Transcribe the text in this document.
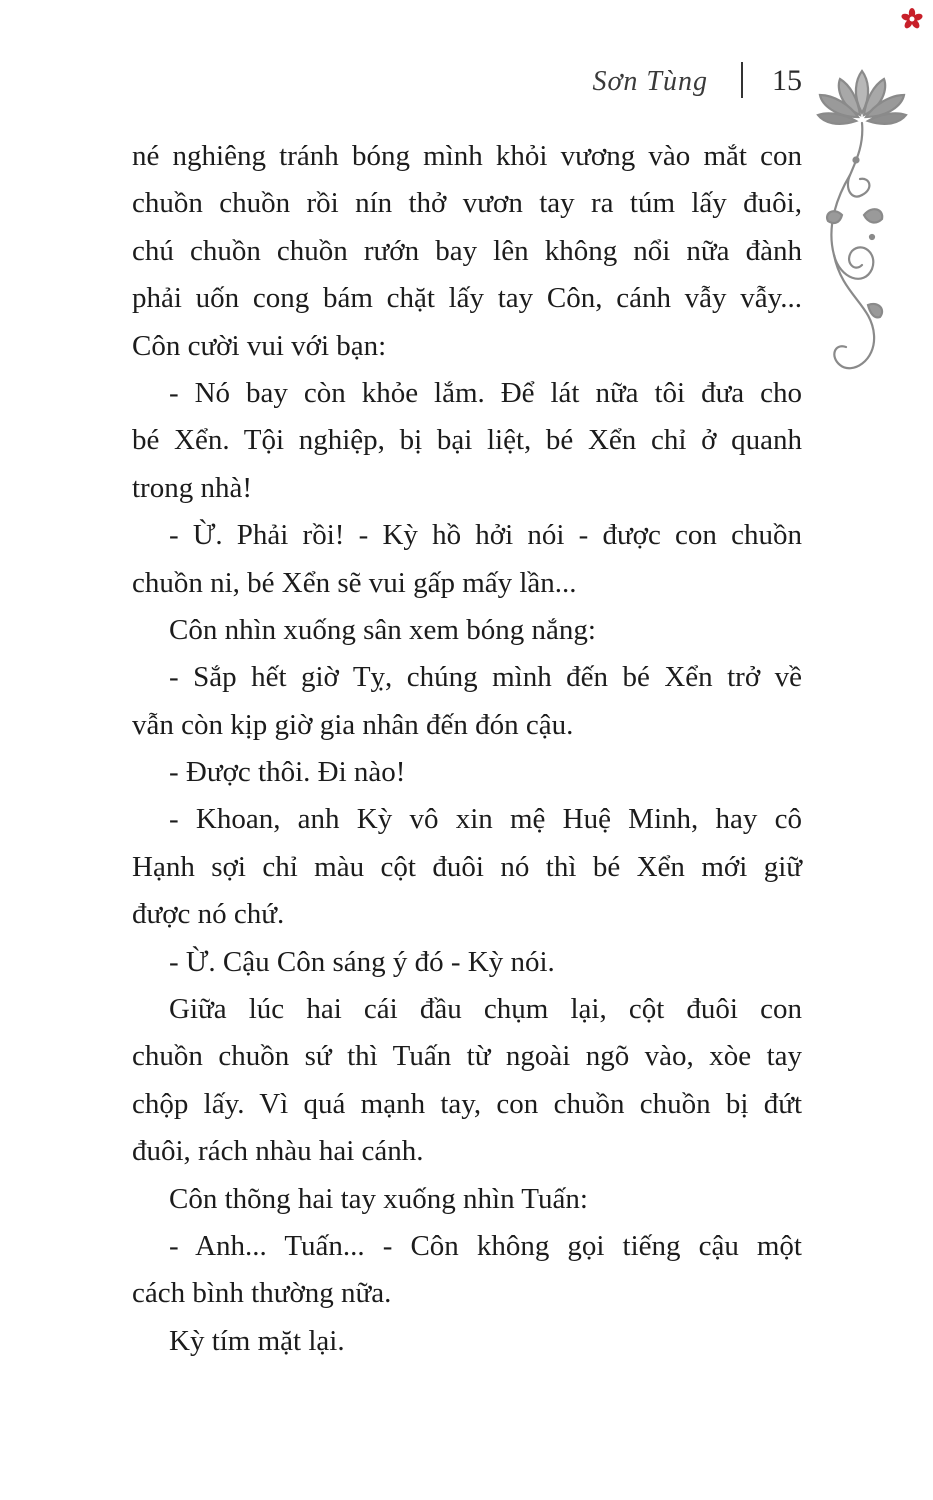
Sơn Tùng 15
né nghiêng tránh bóng mình khỏi vương vào mắt con
chuồn chuồn rồi nín thở vươn tay ra túm lấy đuôi,
chú chuồn chuồn rướn bay lên không nổi nữa đành
phải uốn cong bám chặt lấy tay Côn, cánh vẫy vẫy...
Côn cười vui với bạn:
- Nó bay còn khỏe lắm. Để lát nữa tôi đưa cho
bé Xển. Tội nghiệp, bị bại liệt, bé Xển chỉ ở quanh
trong nhà!
- Ừ. Phải rồi! - Kỳ hồ hởi nói - được con chuồn
chuồn ni, bé Xển sẽ vui gấp mấy lần...
Côn nhìn xuống sân xem bóng nắng:
- Sắp hết giờ Tỵ, chúng mình đến bé Xển trở về
vẫn còn kịp giờ gia nhân đến đón cậu.
- Được thôi. Đi nào!
- Khoan, anh Kỳ vô xin mệ Huệ Minh, hay cô
Hạnh sợi chỉ màu cột đuôi nó thì bé Xển mới giữ
được nó chứ.
- Ừ. Cậu Côn sáng ý đó - Kỳ nói.
Giữa lúc hai cái đầu chụm lại, cột đuôi con
chuồn chuồn sứ thì Tuấn từ ngoài ngõ vào, xòe tay
chộp lấy. Vì quá mạnh tay, con chuồn chuồn bị đứt
đuôi, rách nhàu hai cánh.
Côn thõng hai tay xuống nhìn Tuấn:
- Anh... Tuấn... - Côn không gọi tiếng cậu một
cách bình thường nữa.
Kỳ tím mặt lại.
